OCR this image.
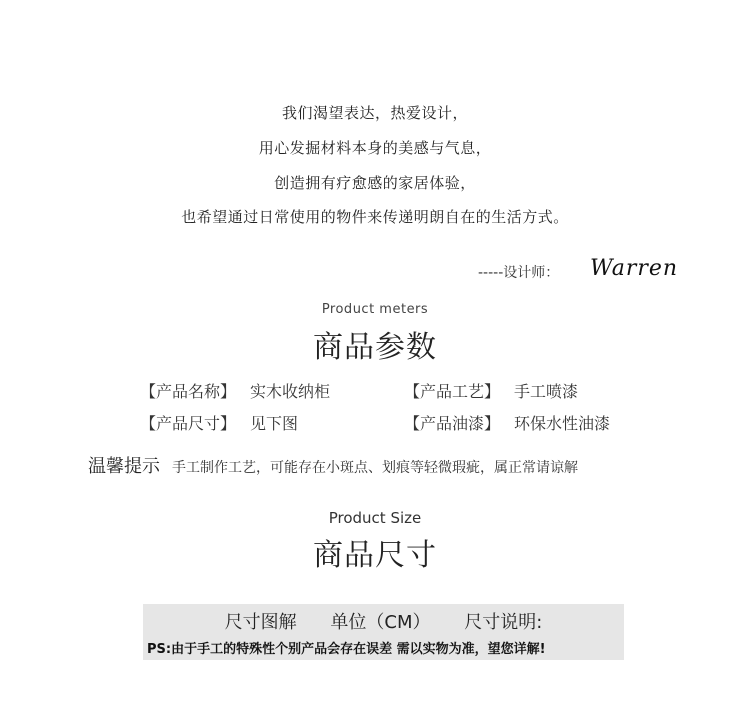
我们渴望表达，热爱设计，
用心发掘材料本身的美感与气息，
创造拥有疗愈感的家居体验，
也希望通过日常使用的物件来传递明朗自在的生活方式。
-----设计师： Warren
Product meters
商品参数
【产品名称】 实木收纳柜	【产品工艺】 手工喷漆
【产品尺寸】 见下图	【产品油漆】 环保水性油漆
温馨提示 手工制作工艺，可能存在小斑点、划痕等轻微瑕疵，属正常请谅解
Product Size
商品尺寸
尺寸图解 单位（CM） 尺寸说明:
PS:由于手工的特殊性个别产品会存在误差 需以实物为准，望您详解!
